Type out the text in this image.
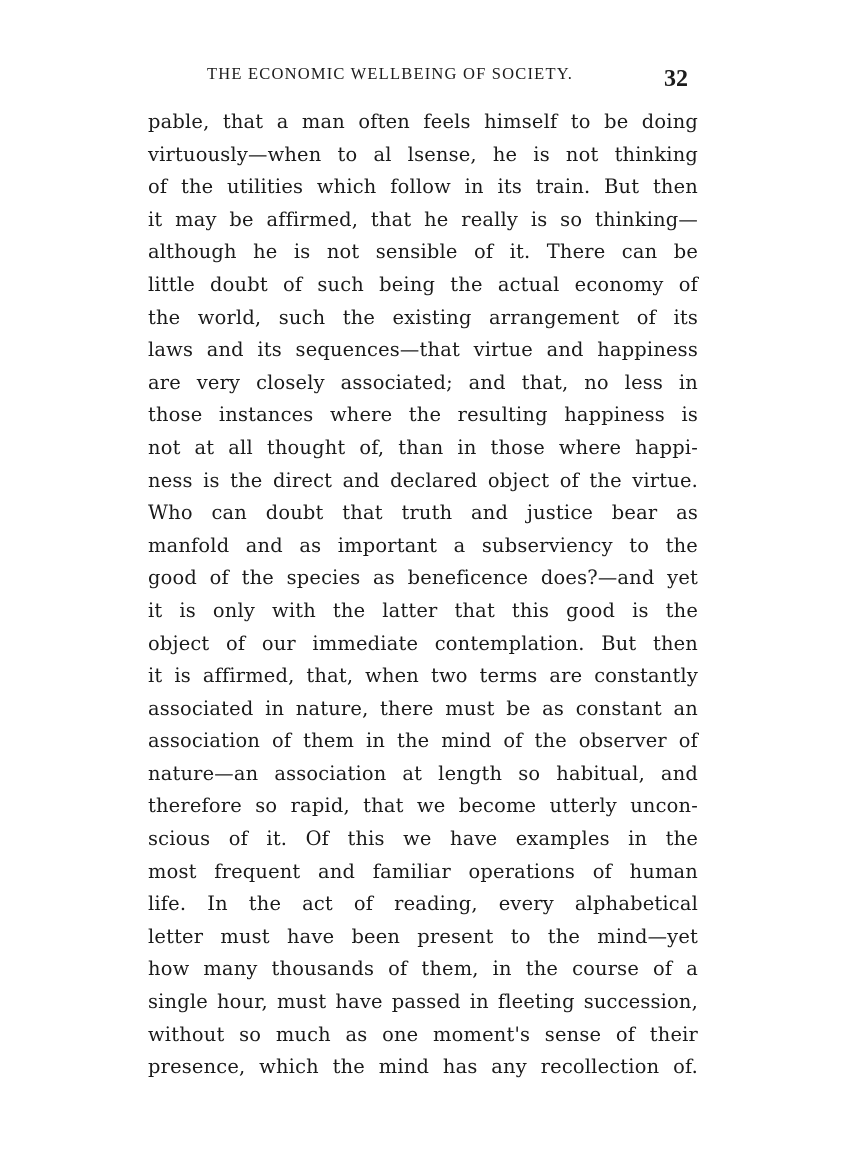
THE ECONOMIC WELLBEING OF SOCIETY.	32
pable, that a man often feels himself to be doing
virtuously—when to al lsense, he is not thinking
of the utilities which follow in its train. But then
it may be affirmed, that he really is so thinking—
although he is not sensible of it. There can be
little doubt of such being the actual economy of
the world, such the existing arrangement of its
laws and its sequences—that virtue and happiness
are very closely associated; and that, no less in
those instances where the resulting happiness is
not at all thought of, than in those where happi-
ness is the direct and declared object of the virtue.
Who can doubt that truth and justice bear as
manfold and as important a subserviency to the
good of the species as beneficence does?—and yet
it is only with the latter that this good is the
object of our immediate contemplation. But then
it is affirmed, that, when two terms are constantly
associated in nature, there must be as constant an
association of them in the mind of the observer of
nature—an association at length so habitual, and
therefore so rapid, that we become utterly uncon-
scious of it. Of this we have examples in the
most frequent and familiar operations of human
life. In the act of reading, every alphabetical
letter must have been present to the mind—yet
how many thousands of them, in the course of a
single hour, must have passed in fleeting succession,
without so much as one moment's sense of their
presence, which the mind has any recollection of.
